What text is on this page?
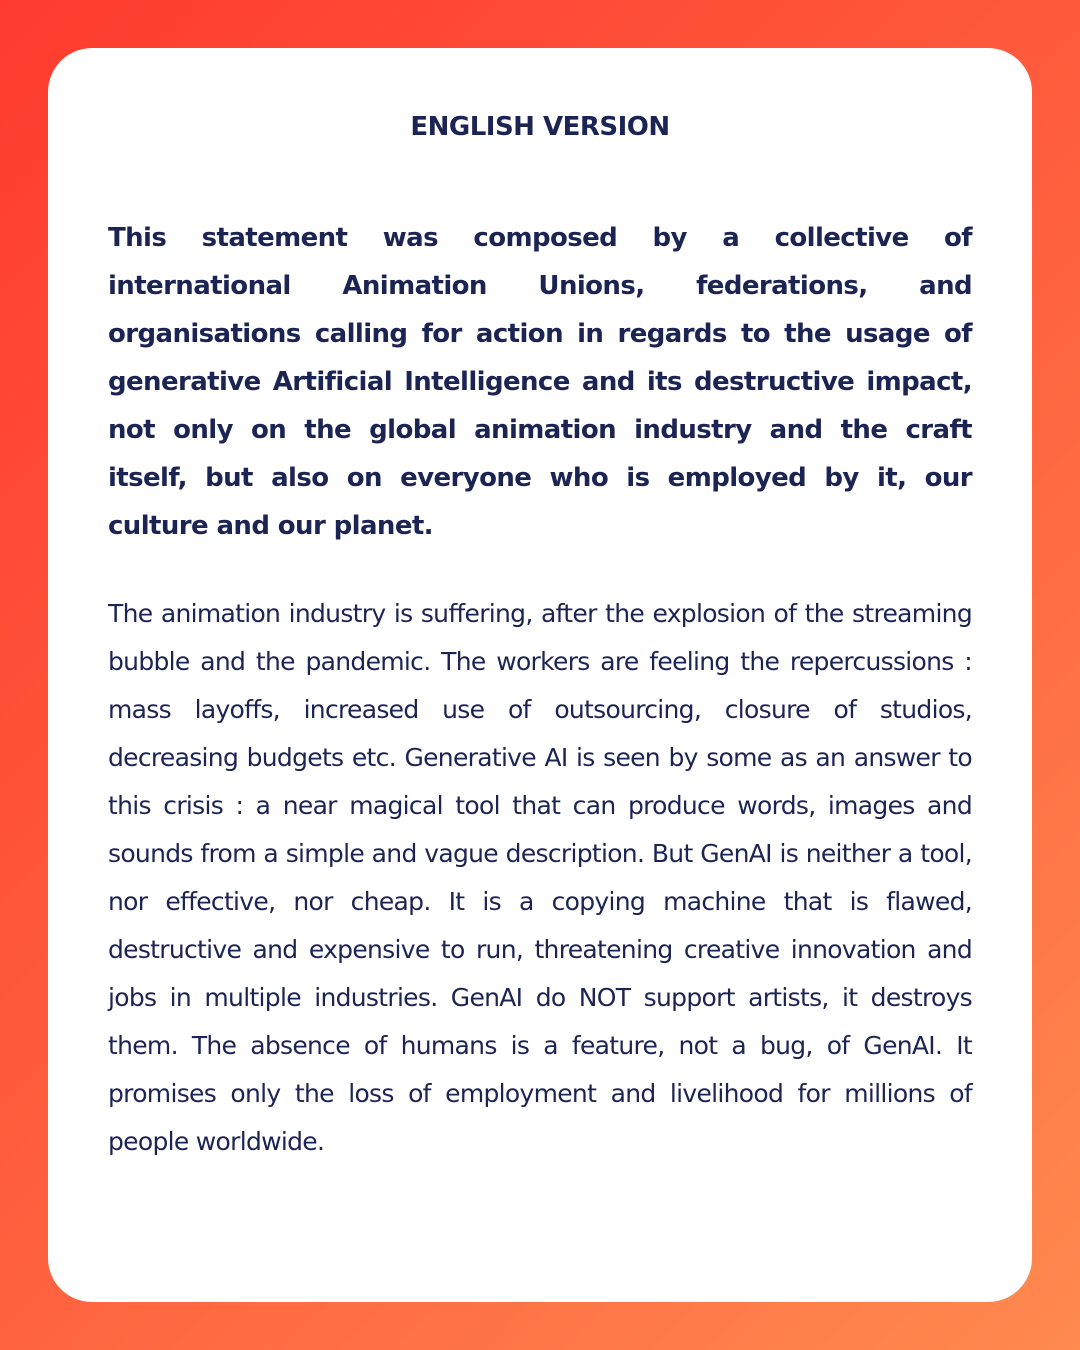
ENGLISH VERSION

This statement was composed by a collective of international Animation Unions, federations, and organisations calling for action in regards to the usage of generative Artificial Intelligence and its destructive impact, not only on the global animation industry and the craft itself, but also on everyone who is employed by it, our culture and our planet.

The animation industry is suffering, after the explosion of the streaming bubble and the pandemic. The workers are feeling the repercussions : mass layoffs, increased use of outsourcing, closure of studios, decreasing budgets etc. Generative AI is seen by some as an answer to this crisis : a near magical tool that can produce words, images and sounds from a simple and vague description. But GenAI is neither a tool, nor effective, nor cheap. It is a copying machine that is flawed, destructive and expensive to run, threatening creative innovation and jobs in multiple industries. GenAI do NOT support artists, it destroys them. The absence of humans is a feature, not a bug, of GenAI. It promises only the loss of employment and livelihood for millions of people worldwide.
